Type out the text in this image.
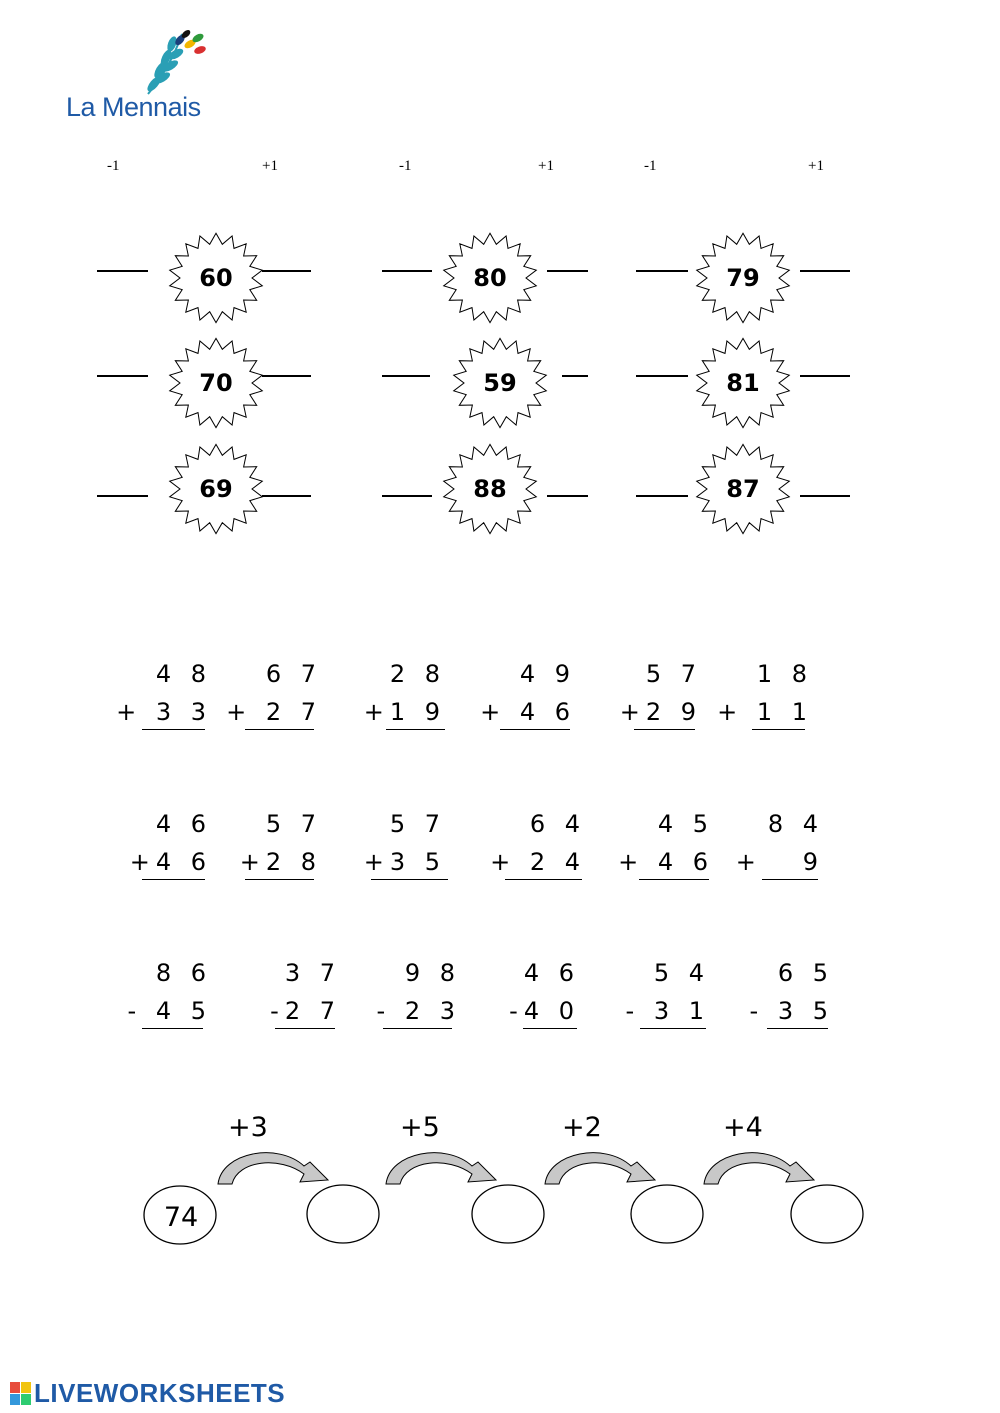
La Mennais
-1	+1	-1	+1	-1	+1
60	80	79
70	59	81
69	88	87
4 8
+ 3 3
6 7
+ 2 7
2 8
+1 9
4 9
+ 4 6
5 7
+2 9
1 8
+ 1 1
4 6
+4 6
5 7
+2 8
5 7
+3 5
6 4
+ 2 4
4 5
+ 4 6
8 4
+   9
8 6
- 4 5
3 7
-2 7
9 8
- 2 3
4 6
-4 0
5 4
- 3 1
6 5
- 3 5
74
+3	+5	+2	+4
LIVEWORKSHEETS
